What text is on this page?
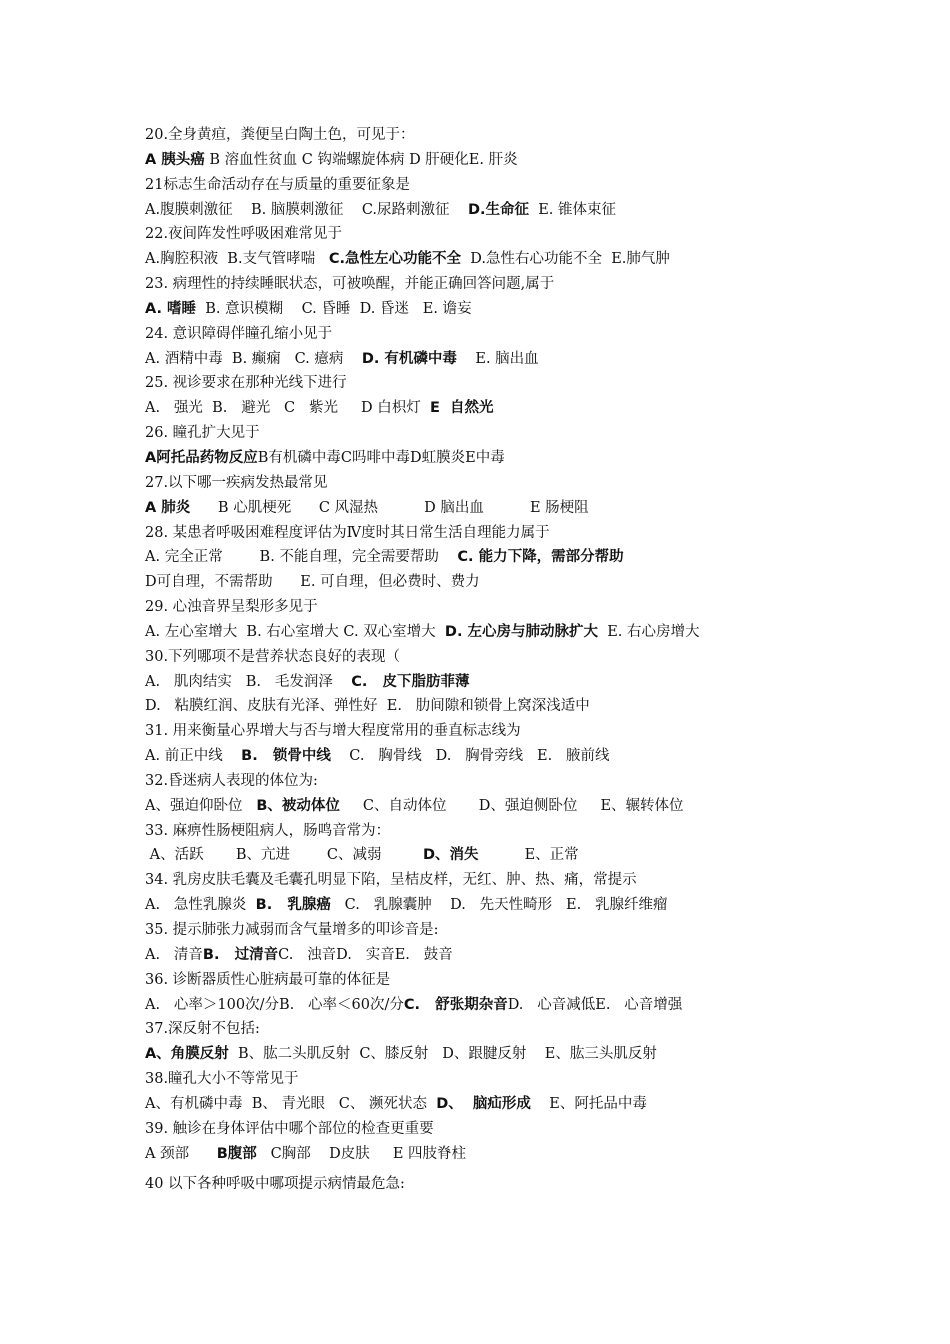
20.全身黄疸，粪便呈白陶土色，可见于：
A 胰头癌 B 溶血性贫血 C 钩端螺旋体病 D 肝硬化E. 肝炎
21标志生命活动存在与质量的重要征象是
A.腹膜刺激征    B. 脑膜刺激征    C.尿路刺激征    D.生命征  E. 锥体束征
22.夜间阵发性呼吸困难常见于
A.胸腔积液  B.支气管哮喘   C.急性左心功能不全  D.急性右心功能不全  E.肺气肿
23. 病理性的持续睡眠状态，可被唤醒，并能正确回答问题,属于
A. 嗜睡  B. 意识模糊    C. 昏睡  D. 昏迷   E. 谵妄
24. 意识障碍伴瞳孔缩小见于
A. 酒精中毒  B. 癫痫   C. 癔病    D. 有机磷中毒    E. 脑出血
25. 视诊要求在那种光线下进行
A.   强光  B.   避光   C   紫光     D 白枳灯  E  自然光
26. 瞳孔扩大见于
A阿托品药物反应B有机磷中毒C吗啡中毒D虹膜炎E中毒
27.以下哪一疾病发热最常见
A 肺炎      B 心肌梗死      C 风湿热          D 脑出血          E 肠梗阻
28. 某患者呼吸困难程度评估为Ⅳ度时其日常生活自理能力属于
A. 完全正常        B. 不能自理，完全需要帮助    C. 能力下降，需部分帮助
D可自理，不需帮助      E. 可自理，但必费时、费力
29. 心浊音界呈梨形多见于
A. 左心室增大  B. 右心室增大 C. 双心室增大  D. 左心房与肺动脉扩大  E. 右心房增大
30.下列哪项不是营养状态良好的表现（
A.   肌肉结实   B.   毛发润泽    C.   皮下脂肪菲薄
D.   粘膜红润、皮肤有光泽、弹性好  E.   肋间隙和锁骨上窝深浅适中
31. 用来衡量心界增大与否与增大程度常用的垂直标志线为
A. 前正中线    B.   锁骨中线    C.   胸骨线   D.   胸骨旁线   E.   腋前线
32.昏迷病人表现的体位为:
A、强迫仰卧位   B、被动体位     C、自动体位       D、强迫侧卧位     E、辗转体位
33. 麻痹性肠梗阻病人，肠鸣音常为：
A、活跃       B、亢进        C、减弱         D、消失          E、正常
34. 乳房皮肤毛囊及毛囊孔明显下陷，呈桔皮样，无红、肿、热、痛，常提示
A.   急性乳腺炎  B.   乳腺癌   C.   乳腺囊肿    D.   先天性畸形   E.   乳腺纤维瘤
35. 提示肺张力减弱而含气量增多的叩诊音是:
A.   清音B.   过清音C.   浊音D.   实音E.   鼓音
36. 诊断器质性心脏病最可靠的体征是
A.   心率＞100次/分B.   心率＜60次/分C.   舒张期杂音D.   心音减低E.   心音增强
37.深反射不包括:
A、角膜反射  B、肱二头肌反射  C、膝反射   D、跟腱反射    E、肱三头肌反射
38.瞳孔大小不等常见于
A、有机磷中毒  B、 青光眼   C、 濒死状态  D、  脑疝形成    E、阿托品中毒
39. 触诊在身体评估中哪个部位的检查更重要
A 颈部      B腹部   C胸部    D皮肤     E 四肢脊柱
40 以下各种呼吸中哪项提示病情最危急:
